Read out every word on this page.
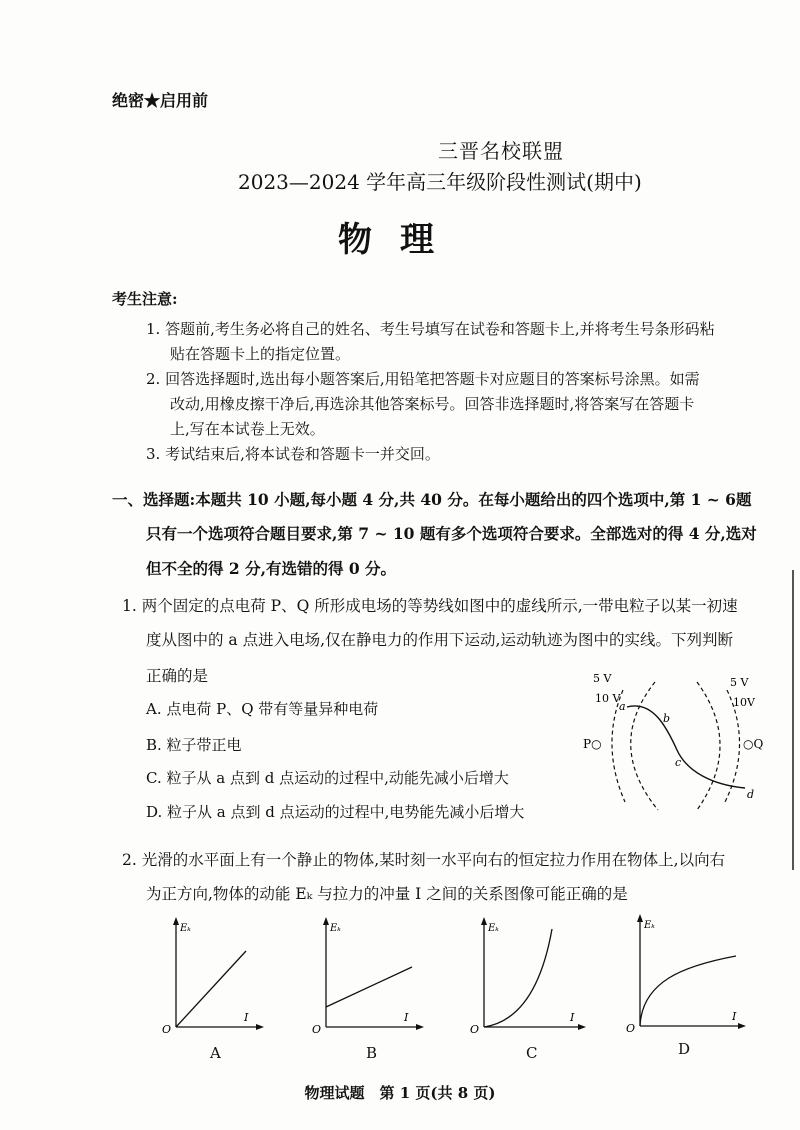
绝密★启用前
三晋名校联盟
2023—2024 学年高三年级阶段性测试(期中)
物理
考生注意:
1. 答题前,考生务必将自己的姓名、考生号填写在试卷和答题卡上,并将考生号条形码粘
贴在答题卡上的指定位置。
2. 回答选择题时,选出每小题答案后,用铅笔把答题卡对应题目的答案标号涂黑。如需
改动,用橡皮擦干净后,再选涂其他答案标号。回答非选择题时,将答案写在答题卡
上,写在本试卷上无效。
3. 考试结束后,将本试卷和答题卡一并交回。
一、选择题:本题共 10 小题,每小题 4 分,共 40 分。在每小题给出的四个选项中,第 1 ~ 6题
只有一个选项符合题目要求,第 7 ~ 10 题有多个选项符合要求。全部选对的得 4 分,选对
但不全的得 2 分,有选错的得 0 分。
1. 两个固定的点电荷 P、Q 所形成电场的等势线如图中的虚线所示,一带电粒子以某一初速
度从图中的 a 点进入电场,仅在静电力的作用下运动,运动轨迹为图中的实线。下列判断
正确的是
A. 点电荷 P、Q 带有等量异种电荷
B. 粒子带正电
C. 粒子从 a 点到 d 点运动的过程中,动能先减小后增大
D. 粒子从 a 点到 d 点运动的过程中,电势能先减小后增大
5 V
10 V
5 V
10V
a
b
c
d
P○	○Q
2. 光滑的水平面上有一个静止的物体,某时刻一水平向右的恒定拉力作用在物体上,以向右
为正方向,物体的动能 Eₖ 与拉力的冲量 I 之间的关系图像可能正确的是
Eₖ
I
O
A
Eₖ
I
O
B
Eₖ
I
O
C
Eₖ
I
O
D
物理试题　第 1 页(共 8 页)
